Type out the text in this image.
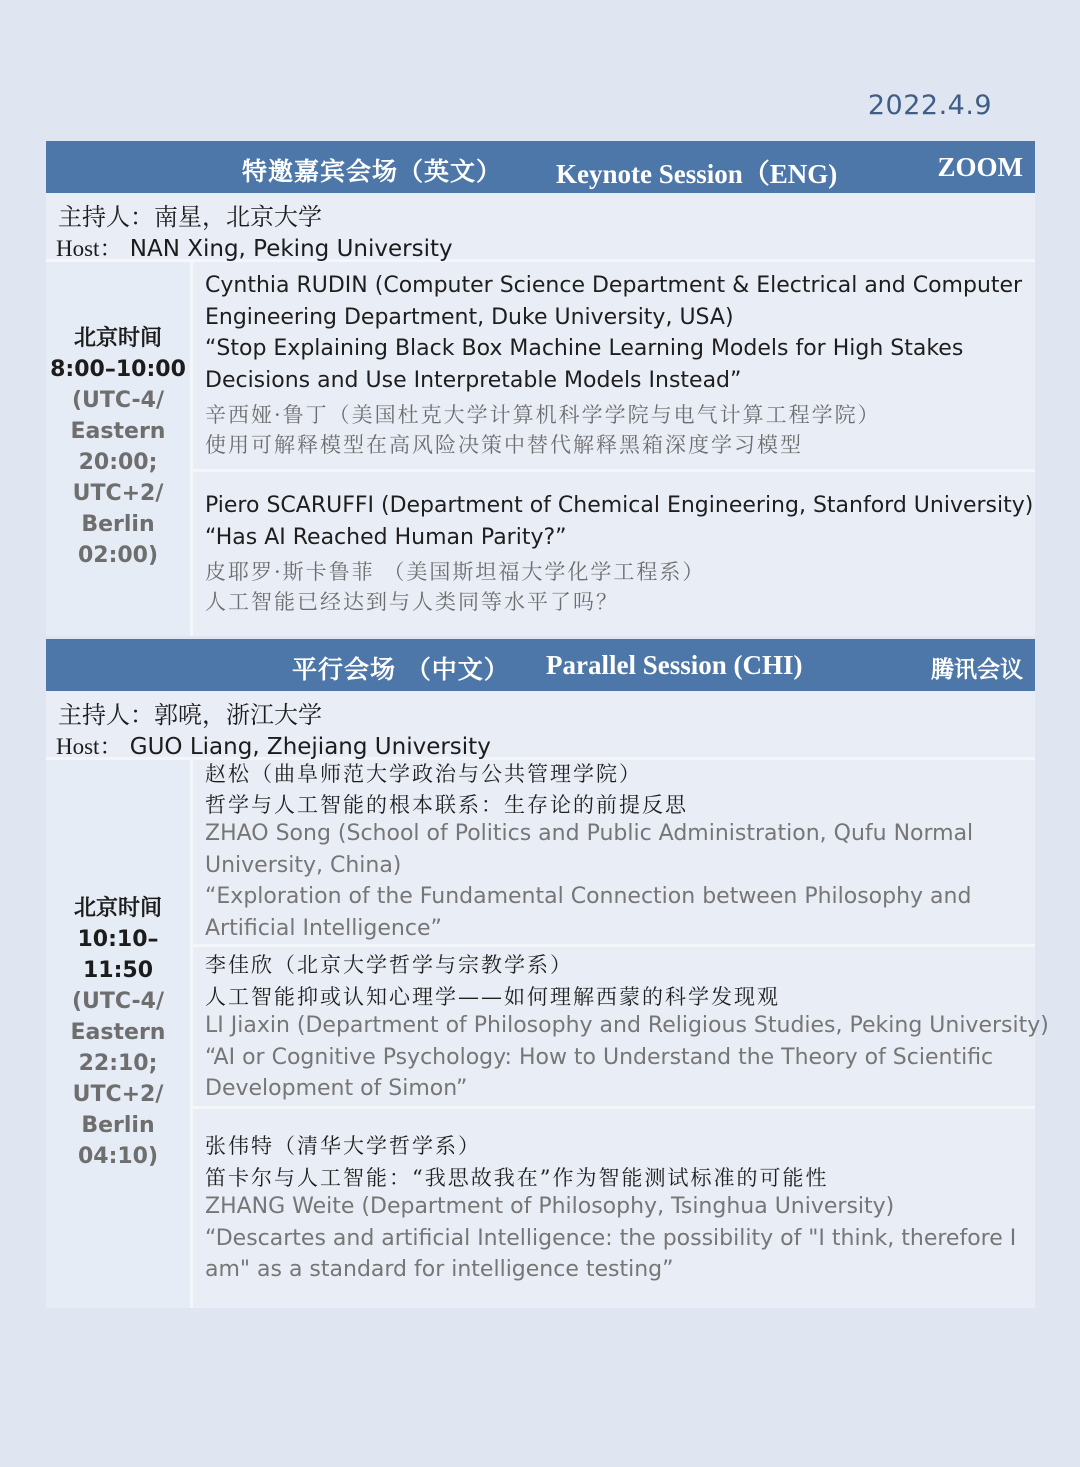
2022.4.9
特邀嘉宾会场（英文） Keynote Session（ENG)	ZOOM
主持人：南星，北京大学
Host： NAN Xing, Peking University
北京时间
8:00–10:00
(UTC-4/
Eastern
20:00;
UTC+2/
Berlin
02:00)
Cynthia RUDIN (Computer Science Department & Electrical and Computer
Engineering Department, Duke University, USA)
“Stop Explaining Black Box Machine Learning Models for High Stakes
Decisions and Use Interpretable Models Instead”
辛西娅·鲁丁（美国杜克大学计算机科学学院与电气计算工程学院）
使用可解释模型在高风险决策中替代解释黑箱深度学习模型
Piero SCARUFFI (Department of Chemical Engineering, Stanford University)
“Has AI Reached Human Parity?”
皮耶罗·斯卡鲁菲 （美国斯坦福大学化学工程系）
人工智能已经达到与人类同等水平了吗？
平行会场 （中文） Parallel Session (CHI)	腾讯会议
主持人：郭喨，浙江大学
Host： GUO Liang, Zhejiang University
北京时间
10:10–
11:50
(UTC-4/
Eastern
22:10;
UTC+2/
Berlin
04:10)
赵松（曲阜师范大学政治与公共管理学院）
哲学与人工智能的根本联系：生存论的前提反思
ZHAO Song (School of Politics and Public Administration, Qufu Normal
University, China)
“Exploration of the Fundamental Connection between Philosophy and
Artificial Intelligence”
李佳欣（北京大学哲学与宗教学系）
人工智能抑或认知心理学——如何理解西蒙的科学发现观
LI Jiaxin (Department of Philosophy and Religious Studies, Peking University)
“AI or Cognitive Psychology: How to Understand the Theory of Scientific
Development of Simon”
张伟特（清华大学哲学系）
笛卡尔与人工智能：“我思故我在”作为智能测试标准的可能性
ZHANG Weite (Department of Philosophy, Tsinghua University)
“Descartes and artificial Intelligence: the possibility of "I think, therefore I
am" as a standard for intelligence testing”
